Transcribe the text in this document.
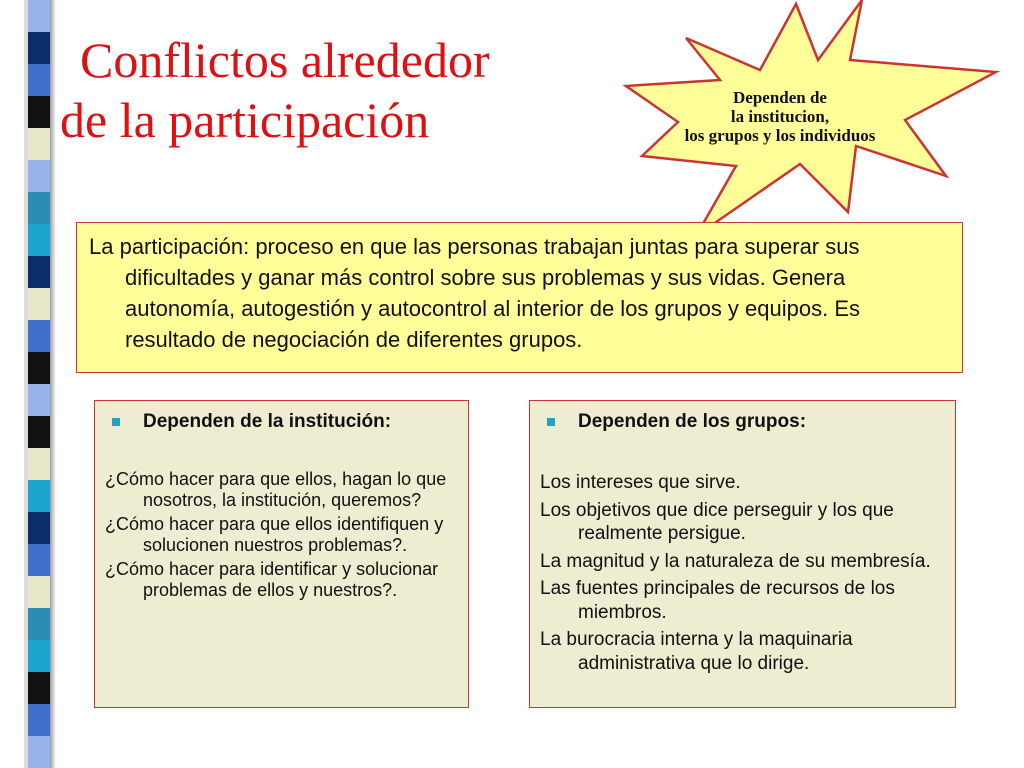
Conflictos alrededor
de la participación	Dependen de
la institucion,
los grupos y los individuos

La participación: proceso en que las personas trabajan juntas para superar sus dificultades y ganar más control sobre sus problemas y sus vidas. Genera autonomía, autogestión y autocontrol al interior de los grupos y equipos. Es resultado de negociación de diferentes grupos.

Dependen de la institución:
¿Cómo hacer para que ellos, hagan lo que nosotros, la institución, queremos?
¿Cómo hacer para que ellos identifiquen y solucionen nuestros problemas?.
¿Cómo hacer para identificar y solucionar problemas de ellos y nuestros?.
Dependen de los grupos:
Los intereses que sirve.
Los objetivos que dice perseguir y los que realmente persigue.
La magnitud y la naturaleza de su membresía.
Las fuentes principales de recursos de los miembros.
La burocracia interna y la maquinaria administrativa que lo dirige.
